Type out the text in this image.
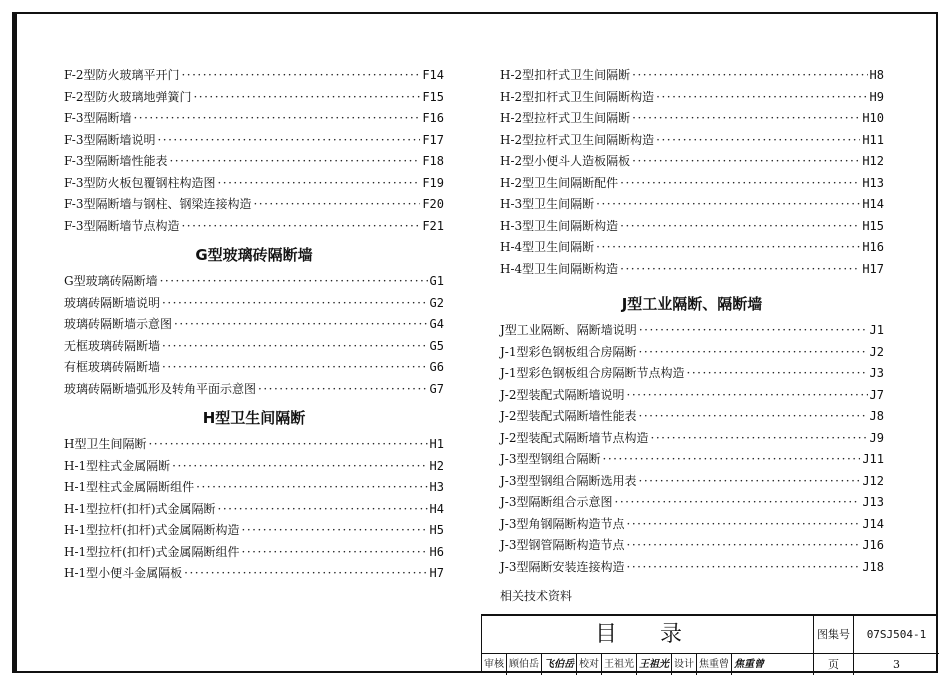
F-2型防火玻璃平开门 ·····	F14
F-2型防火玻璃地弹簧门 ·····	F15
F-3型隔断墙 ·····	F16
F-3型隔断墙说明 ·····	F17
F-3型隔断墙性能表 ·····	F18
F-3型防火板包覆钢柱构造图 ·····	F19
F-3型隔断墙与钢柱、钢梁连接构造 ·····	F20
F-3型隔断墙节点构造 ·····	F21
G型玻璃砖隔断墙
G型玻璃砖隔断墙 ·····	G1
玻璃砖隔断墙说明 ·····	G2
玻璃砖隔断墙示意图 ·····	G4
无框玻璃砖隔断墙 ·····	G5
有框玻璃砖隔断墙 ·····	G6
玻璃砖隔断墙弧形及转角平面示意图 ·····	G7
H型卫生间隔断
H型卫生间隔断 ·····	H1
H-1型柱式金属隔断 ·····	H2
H-1型柱式金属隔断组件 ·····	H3
H-1型拉杆(扣杆)式金属隔断 ·····	H4
H-1型拉杆(扣杆)式金属隔断构造 ·····	H5
H-1型拉杆(扣杆)式金属隔断组件 ·····	H6
H-1型小便斗金属隔板 ·····	H7
H-2型扣杆式卫生间隔断 ·····	H8
H-2型扣杆式卫生间隔断构造 ·····	H9
H-2型拉杆式卫生间隔断 ·····	H10
H-2型拉杆式卫生间隔断构造 ·····	H11
H-2型小便斗人造板隔板 ·····	H12
H-2型卫生间隔断配件 ·····	H13
H-3型卫生间隔断 ·····	H14
H-3型卫生间隔断构造 ·····	H15
H-4型卫生间隔断 ·····	H16
H-4型卫生间隔断构造 ·····	H17
J型工业隔断、隔断墙
J型工业隔断、隔断墙说明 ·····	J1
J-1型彩色钢板组合房隔断 ·····	J2
J-1型彩色钢板组合房隔断节点构造 ·····	J3
J-2型装配式隔断墙说明 ·····	J7
J-2型装配式隔断墙性能表 ·····	J8
J-2型装配式隔断墙节点构造 ·····	J9
J-3型型钢组合隔断 ·····	J11
J-3型型钢组合隔断选用表 ·····	J12
J-3型隔断组合示意图 ·····	J13
J-3型角钢隔断构造节点 ·····	J14
J-3型钢管隔断构造节点 ·····	J16
J-3型隔断安装连接构造 ·····	J18
相关技术资料
目 录	图集号	07SJ504-1
页	3
审核 顾伯岳 飞伯岳 校对 王祖光 王祖光 设计 焦重曾 焦重曾
